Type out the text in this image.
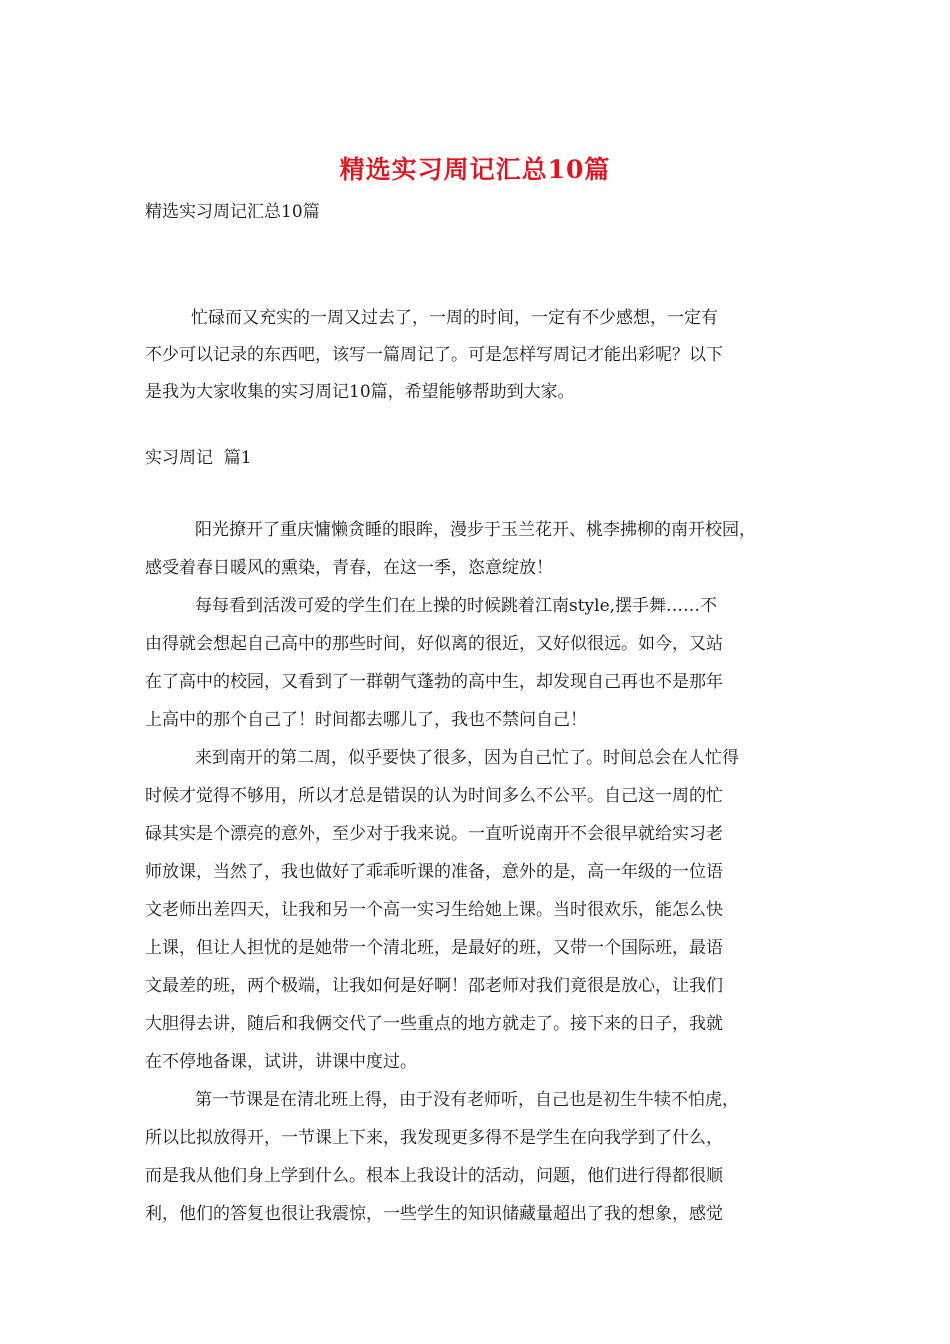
精选实习周记汇总10篇
精选实习周记汇总10篇
忙碌而又充实的一周又过去了，一周的时间，一定有不少感想，一定有
不少可以记录的东西吧，该写一篇周记了。可是怎样写周记才能出彩呢？以下
是我为大家收集的实习周记10篇，希望能够帮助到大家。
实习周记  篇1
阳光撩开了重庆慵懒贪睡的眼眸，漫步于玉兰花开、桃李拂柳的南开校园，
感受着春日暖风的熏染，青春，在这一季，恣意绽放！
每每看到活泼可爱的学生们在上操的时候跳着江南style,摆手舞……不
由得就会想起自己高中的那些时间，好似离的很近，又好似很远。如今，又站
在了高中的校园，又看到了一群朝气蓬勃的高中生，却发现自己再也不是那年
上高中的那个自己了！时间都去哪儿了，我也不禁问自己！
来到南开的第二周，似乎要快了很多，因为自己忙了。时间总会在人忙得
时候才觉得不够用，所以才总是错误的认为时间多么不公平。自己这一周的忙
碌其实是个漂亮的意外，至少对于我来说。一直听说南开不会很早就给实习老
师放课，当然了，我也做好了乖乖听课的准备，意外的是，高一年级的一位语
文老师出差四天，让我和另一个高一实习生给她上课。当时很欢乐，能怎么快
上课，但让人担忧的是她带一个清北班，是最好的班，又带一个国际班，最语
文最差的班，两个极端，让我如何是好啊！邵老师对我们竟很是放心，让我们
大胆得去讲，随后和我俩交代了一些重点的地方就走了。接下来的日子，我就
在不停地备课，试讲，讲课中度过。
第一节课是在清北班上得，由于没有老师听，自己也是初生牛犊不怕虎，
所以比拟放得开，一节课上下来，我发现更多得不是学生在向我学到了什么，
而是我从他们身上学到什么。根本上我设计的活动，问题，他们进行得都很顺
利，他们的答复也很让我震惊，一些学生的知识储藏量超出了我的想象，感觉
